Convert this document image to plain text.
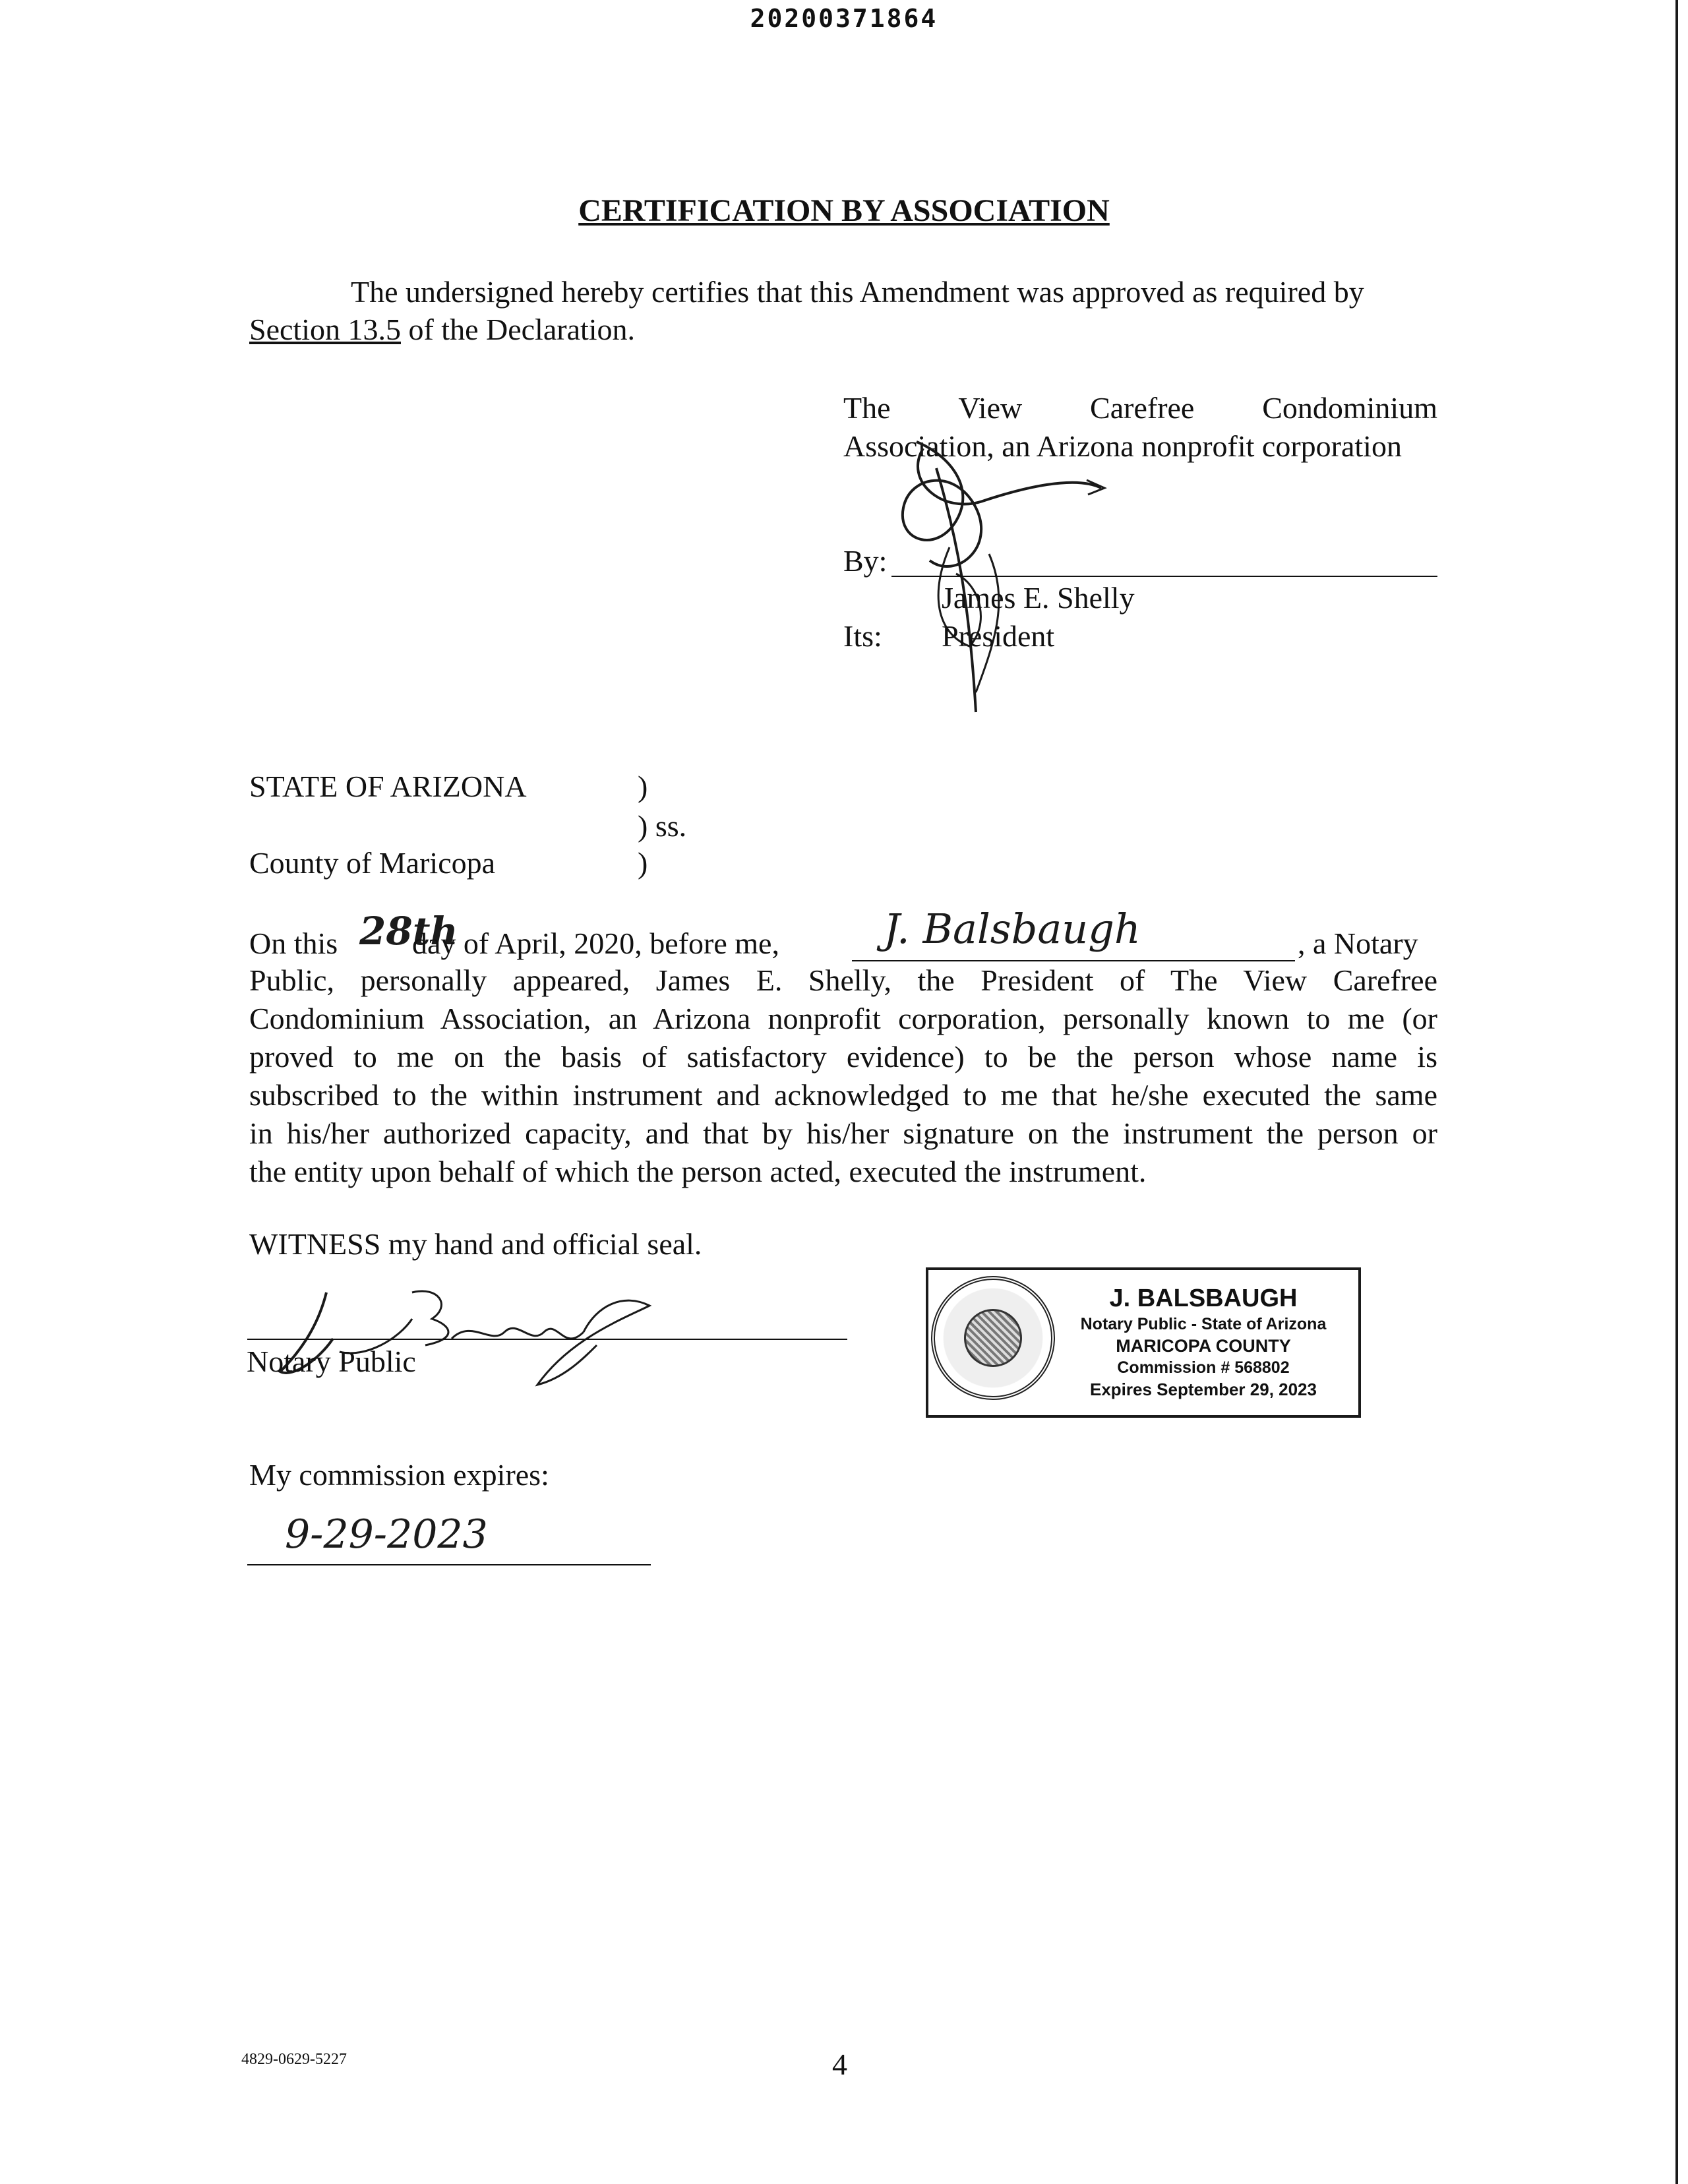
20200371864
CERTIFICATION BY ASSOCIATION
The undersigned hereby certifies that this Amendment was approved as required by
Section 13.5 of the Declaration.
The View Carefree Condominium
Association, an Arizona nonprofit corporation
By:
James E. Shelly
Its: President
STATE OF ARIZONA	)
) ss.
County of Maricopa	)
On this 28th
day of April, 2020, before me,	J. Balsbaugh	, a Notary
Public, personally appeared, James E. Shelly, the President of The View Carefree
Condominium Association, an Arizona nonprofit corporation, personally known to me (or
proved to me on the basis of satisfactory evidence) to be the person whose name is
subscribed to the within instrument and acknowledged to me that he/she executed the same
in his/her authorized capacity, and that by his/her signature on the instrument the person or
the entity upon behalf of which the person acted, executed the instrument.
WITNESS my hand and official seal.
Notary Public
J. BALSBAUGH
Notary Public - State of Arizona
MARICOPA COUNTY
Commission # 568802
Expires September 29, 2023
My commission expires:
9-29-2023
4829-0629-5227	4
